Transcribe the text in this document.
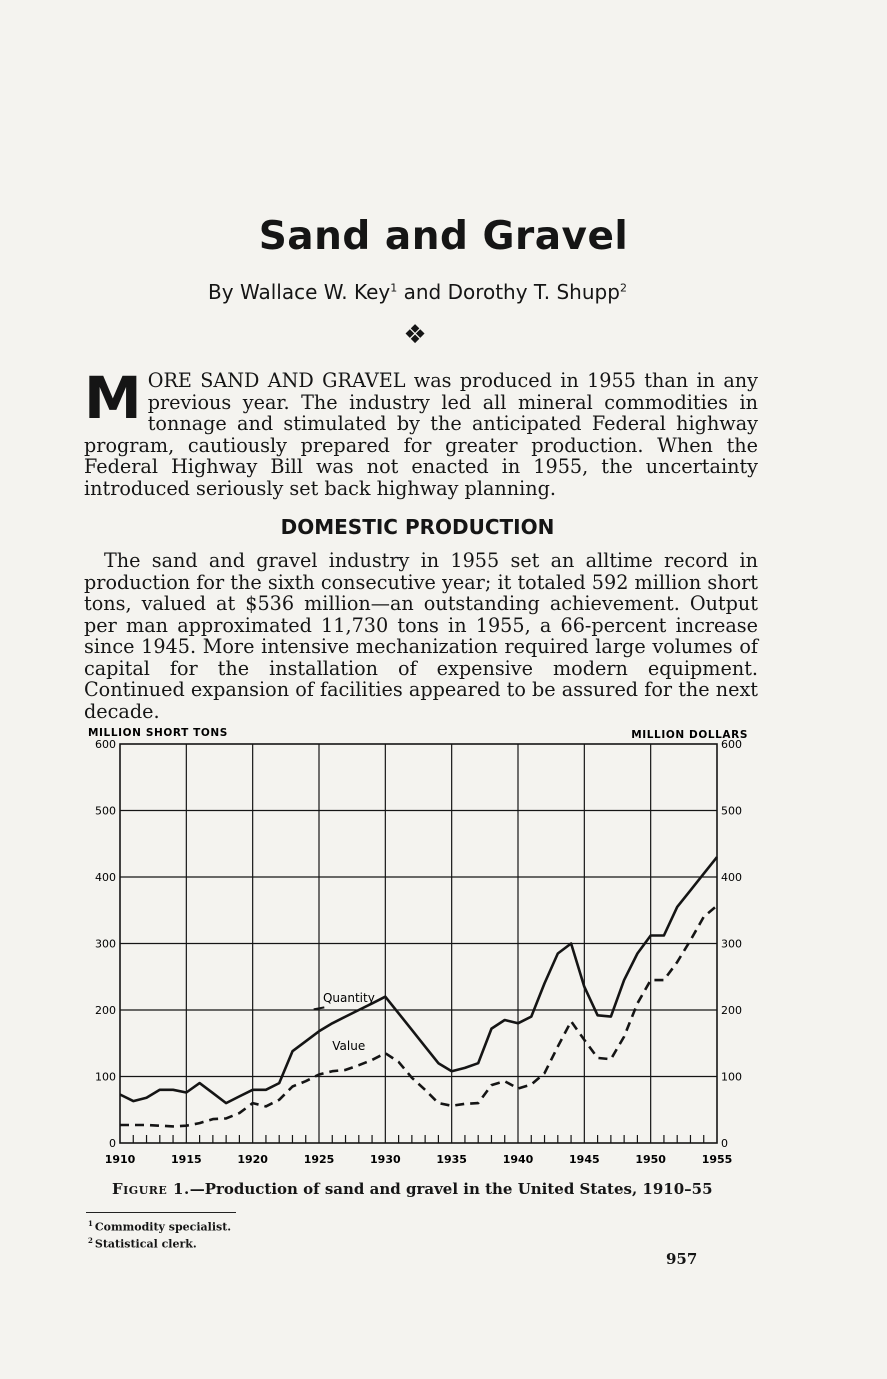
Sand and Gravel

By Wallace W. Key$^1$ and Dorothy T. Shupp$^2$

❖

MORE SAND AND GRAVEL was produced in 1955 than in any previous year. The industry led all mineral commodities in tonnage and stimulated by the anticipated Federal highway program, cautiously prepared for greater production. When the Federal Highway Bill was not enacted in 1955, the uncertainty introduced seriously set back highway planning.

DOMESTIC PRODUCTION

The sand and gravel industry in 1955 set an alltime record in production for the sixth consecutive year; it totaled 592 million short tons, valued at $536 million—an outstanding achievement. Output per man approximated 11,730 tons in 1955, a 66-percent increase since 1945. More intensive mechanization required large volumes of capital for the installation of expensive modern equipment. Continued expansion of facilities appeared to be assured for the next decade.

MILLION SHORT TONS	MILLION DOLLARS
0	0
100	100
200	200
300	300
400	400
500	500
600	600
1910	1915	1920	1925	1930	1935	1940	1945	1950	1955
Quantity
Value

Figure 1.—Production of sand and gravel in the United States, 1910–55

$^1$ Commodity specialist.
$^2$ Statistical clerk.
957
